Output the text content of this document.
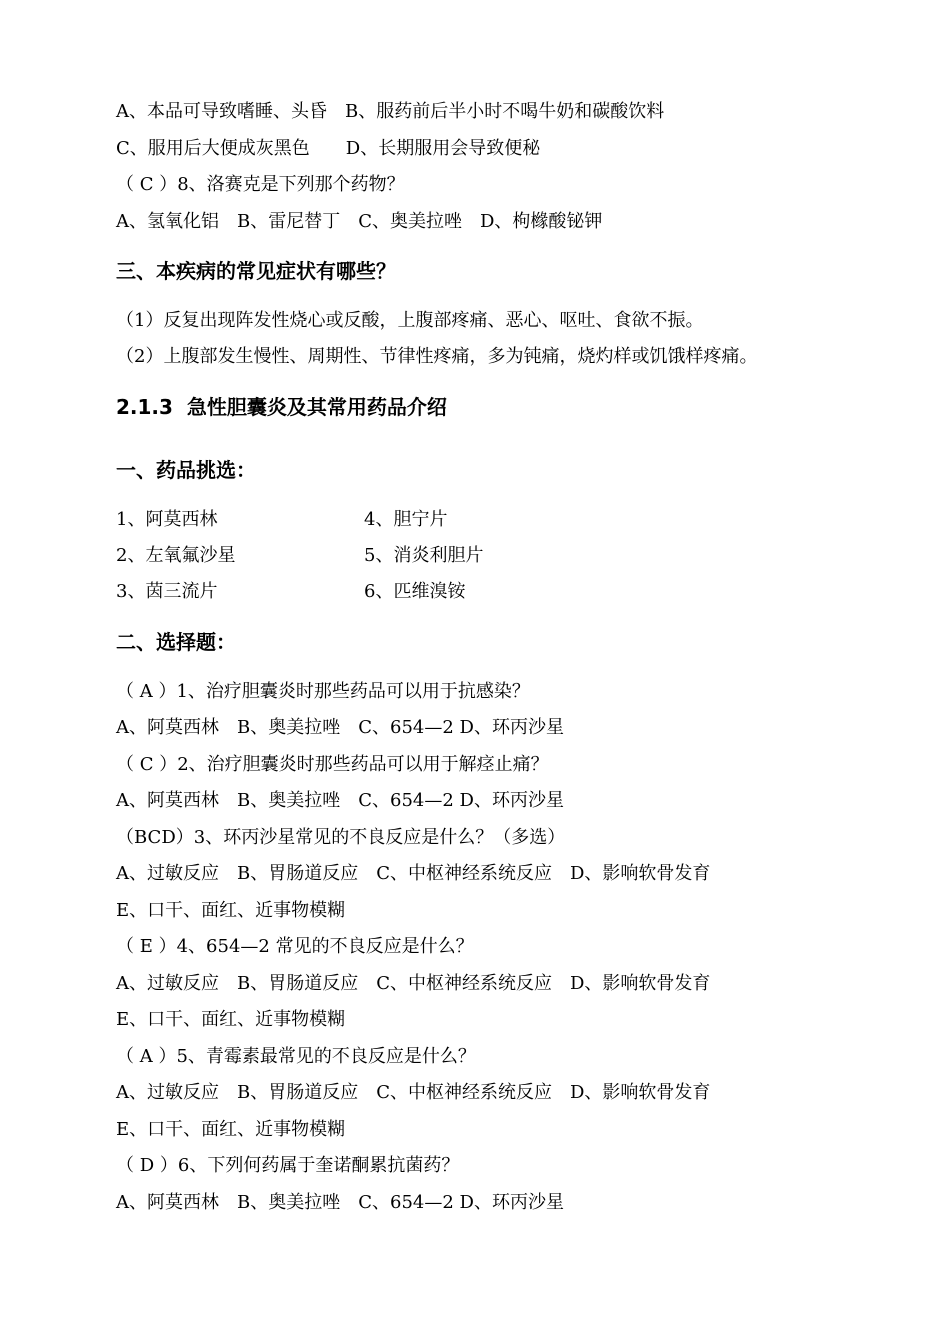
A、本品可导致嗜睡、头昏　B、服药前后半小时不喝牛奶和碳酸饮料
C、服用后大便成灰黑色　　D、长期服用会导致便秘
（ C ）8、洛赛克是下列那个药物？
A、氢氧化铝　B、雷尼替丁　C、奥美拉唑　D、枸橼酸铋钾
三、本疾病的常见症状有哪些？
（1）反复出现阵发性烧心或反酸，上腹部疼痛、恶心、呕吐、食欲不振。
（2）上腹部发生慢性、周期性、节律性疼痛，多为钝痛，烧灼样或饥饿样疼痛。
2.1.3  急性胆囊炎及其常用药品介绍
一、药品挑选：
1、阿莫西林	4、胆宁片
2、左氧氟沙星	5、消炎利胆片
3、茵三流片	6、匹维溴铵
二、选择题：
（ A ）1、治疗胆囊炎时那些药品可以用于抗感染？
A、阿莫西林　B、奥美拉唑　C、654—2 D、环丙沙星
（ C ）2、治疗胆囊炎时那些药品可以用于解痉止痛？
A、阿莫西林　B、奥美拉唑　C、654—2 D、环丙沙星
（BCD）3、环丙沙星常见的不良反应是什么？（多选）
A、过敏反应　B、胃肠道反应　C、中枢神经系统反应　D、影响软骨发育
E、口干、面红、近事物模糊
（ E ）4、654—2 常见的不良反应是什么？
A、过敏反应　B、胃肠道反应　C、中枢神经系统反应　D、影响软骨发育
E、口干、面红、近事物模糊
（ A ）5、青霉素最常见的不良反应是什么？
A、过敏反应　B、胃肠道反应　C、中枢神经系统反应　D、影响软骨发育
E、口干、面红、近事物模糊
（ D ）6、下列何药属于奎诺酮累抗菌药？
A、阿莫西林　B、奥美拉唑　C、654—2 D、环丙沙星
